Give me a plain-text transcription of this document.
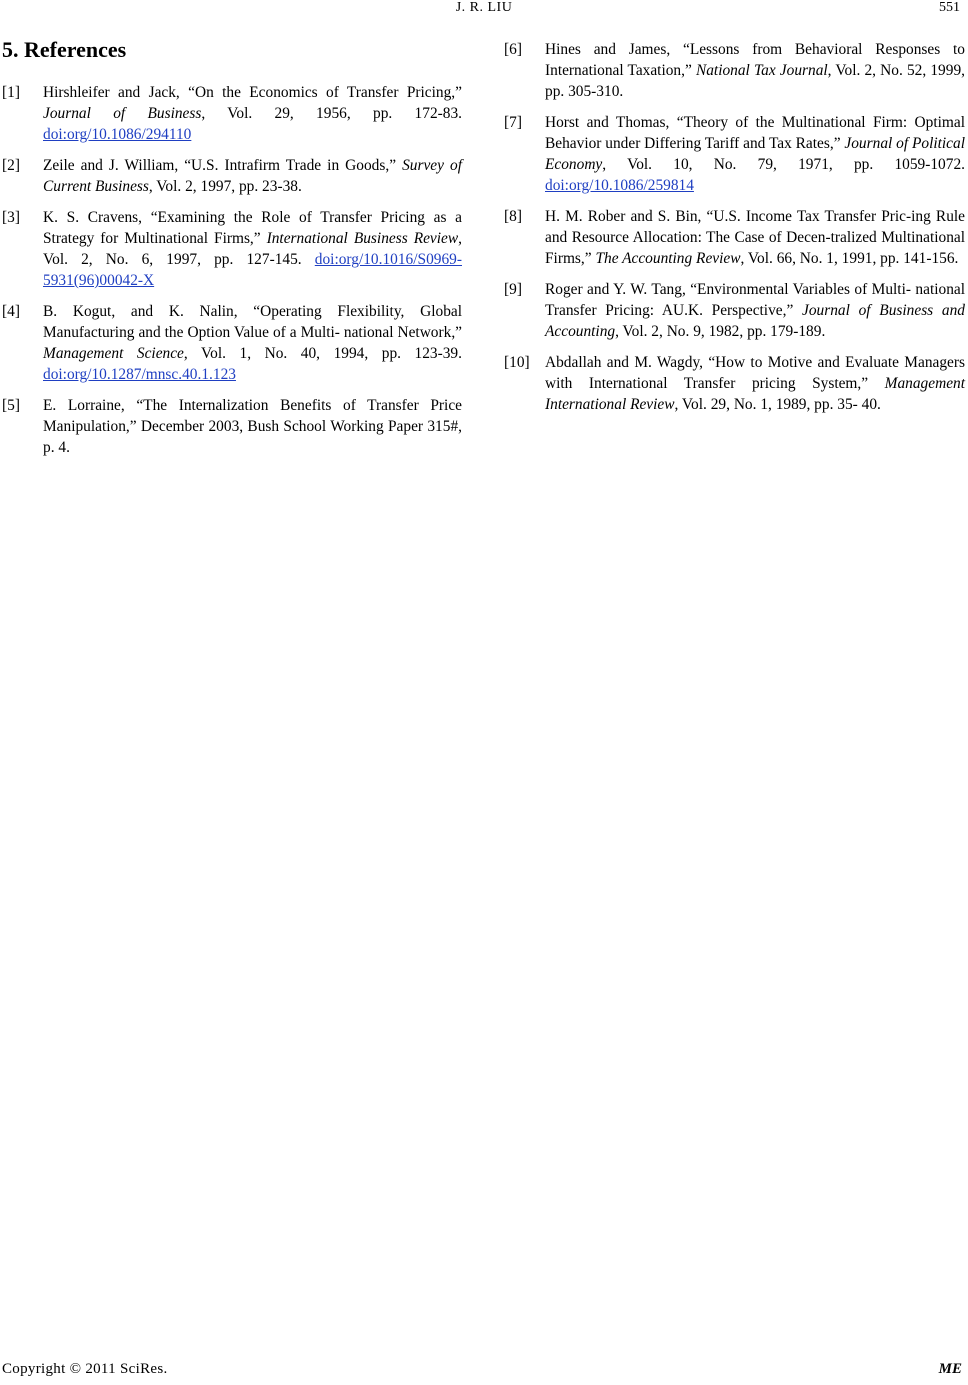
J. R. LIU	551
5. References
[1] Hirshleifer and Jack, “On the Economics of Transfer Pricing,” Journal of Business, Vol. 29, 1956, pp. 172-83. doi:org/10.1086/294110
[2] Zeile and J. William, “U.S. Intrafirm Trade in Goods,” Survey of Current Business, Vol. 2, 1997, pp. 23-38.
[3] K. S. Cravens, “Examining the Role of Transfer Pricing as a Strategy for Multinational Firms,” International Business Review, Vol. 2, No. 6, 1997, pp. 127-145. doi:org/10.1016/S0969-5931(96)00042-X
[4] B. Kogut, and K. Nalin, “Operating Flexibility, Global Manufacturing and the Option Value of a Multi- national Network,” Management Science, Vol. 1, No. 40, 1994, pp. 123-39. doi:org/10.1287/mnsc.40.1.123
[5] E. Lorraine, “The Internalization Benefits of Transfer Price Manipulation,” December 2003, Bush School Working Paper 315#, p. 4.
[6] Hines and James, “Lessons from Behavioral Responses to International Taxation,” National Tax Journal, Vol. 2, No. 52, 1999, pp. 305-310.
[7] Horst and Thomas, “Theory of the Multinational Firm: Optimal Behavior under Differing Tariff and Tax Rates,” Journal of Political Economy, Vol. 10, No. 79, 1971, pp. 1059-1072. doi:org/10.1086/259814
[8] H. M. Rober and S. Bin, “U.S. Income Tax Transfer Pric-ing Rule and Resource Allocation: The Case of Decen-tralized Multinational Firms,” The Accounting Review, Vol. 66, No. 1, 1991, pp. 141-156.
[9] Roger and Y. W. Tang, “Environmental Variables of Multi- national Transfer Pricing: AU.K. Perspective,” Journal of Business and Accounting, Vol. 2, No. 9, 1982, pp. 179-189.
[10] Abdallah and M. Wagdy, “How to Motive and Evaluate Managers with International Transfer pricing System,” Management International Review, Vol. 29, No. 1, 1989, pp. 35- 40.
Copyright © 2011 SciRes.	ME
